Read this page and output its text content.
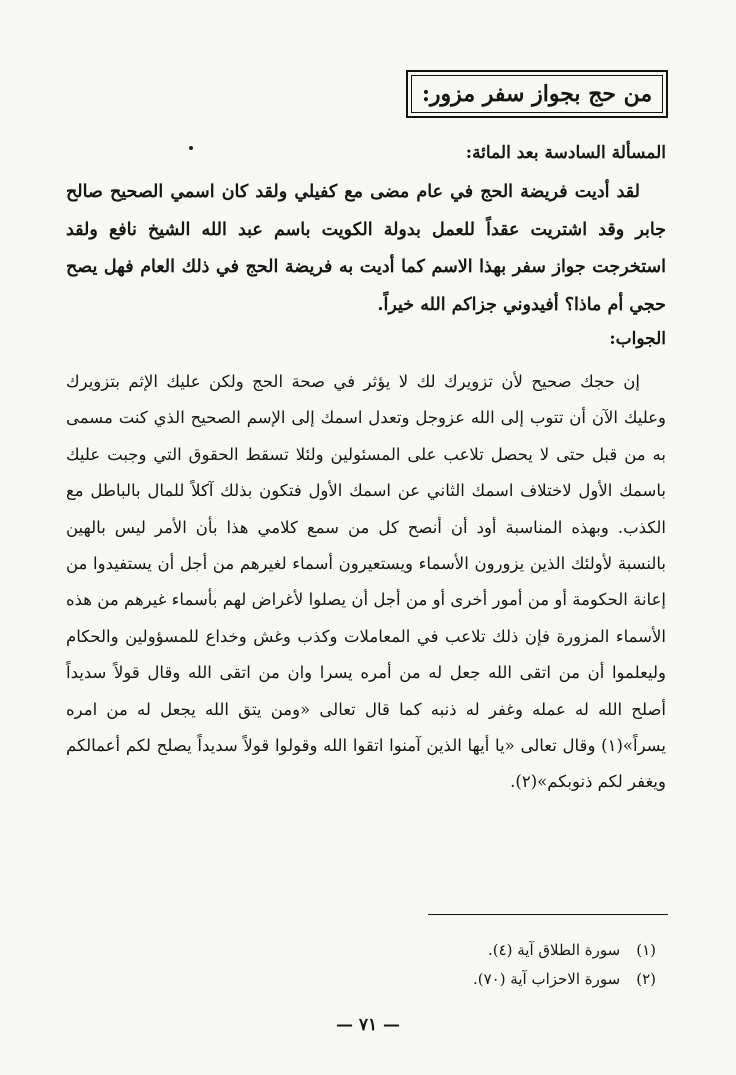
من حج بجواز سفر مزور:
المسألة السادسة بعد المائة:
لقد أديت فريضة الحج في عام مضى مع كفيلي ولقد كان اسمي الصحيح صالح جابر وقد اشتريت عقداً للعمل بدولة الكويت باسم عبد الله الشيخ نافع ولقد استخرجت جواز سفر بهذا الاسم كما أديت به فريضة الحج في ذلك العام فهل يصح حجي أم ماذا؟ أفيدوني جزاكم الله خيراً.
الجواب:
إن حجك صحيح لأن تزويرك لك لا يؤثر في صحة الحج ولكن عليك الإثم بتزويرك وعليك الآن أن تتوب إلى الله عزوجل وتعدل اسمك إلى الإسم الصحيح الذي كنت مسمى به من قبل حتى لا يحصل تلاعب على المسئولين ولئلا تسقط الحقوق التي وجبت عليك باسمك الأول لاختلاف اسمك الثاني عن اسمك الأول فتكون بذلك آكلاً للمال بالباطل مع الكذب. وبهذه المناسبة أود أن أنصح كل من سمع كلامي هذا بأن الأمر ليس بالهين بالنسبة لأولئك الذين يزورون الأسماء ويستعيرون أسماء لغيرهم من أجل أن يستفيدوا من إعانة الحكومة أو من أمور أخرى أو من أجل أن يصلوا لأغراض لهم بأسماء غيرهم من هذه الأسماء المزورة فإن ذلك تلاعب في المعاملات وكذب وغش وخداع للمسؤولين والحكام وليعلموا أن من اتقى الله جعل له من أمره يسرا وان من اتقى الله وقال قولاً سديداً أصلح الله له عمله وغفر له ذنبه كما قال تعالى «ومن يتق الله يجعل له من امره يسراً»(١) وقال تعالى «يا أيها الذين آمنوا اتقوا الله وقولوا قولاً سديداً يصلح لكم أعمالكم ويغفر لكم ذنوبكم»(٢).
(١)
سورة الطلاق آية (٤).
(٢)
سورة الاحزاب آية (٧٠).
— ٧١ —
